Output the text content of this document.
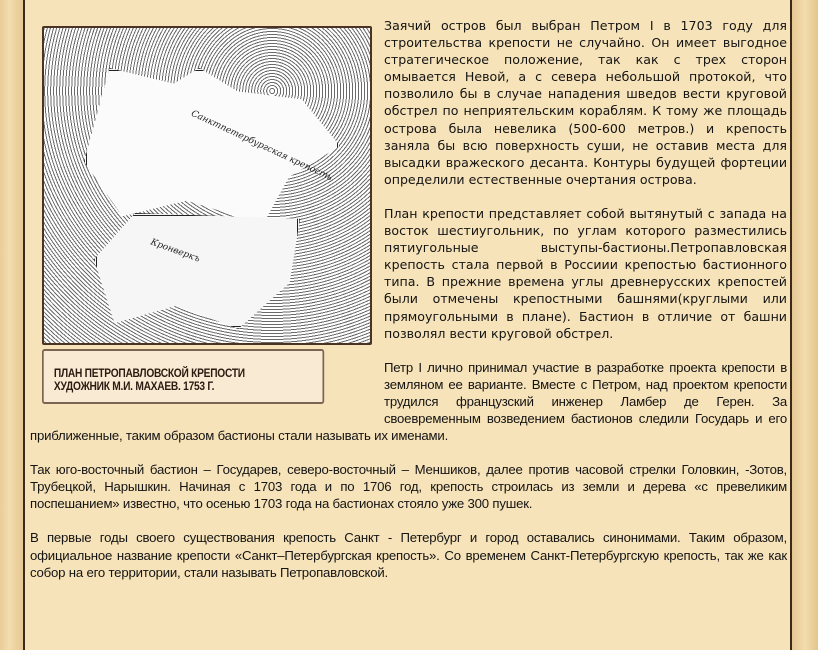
Санктпетербургская крепость
Кронверкъ
ПЛАН ПЕТРОПАВЛОВСКОЙ КРЕПОСТИ
ХУДОЖНИК М.И. МАХАЕВ. 1753 Г.

Заячий остров был выбран Петром I в 1703 году для строительства крепости не случайно. Он имеет выгодное стратегическое положение, так как с трех сторон омывается Невой, а с севера небольшой протокой, что позволило бы в случае нападения шведов вести круговой обстрел по неприятельским кораблям. К тому же площадь острова была невелика (500-600 метров.) и крепость заняла бы всю поверхность суши, не оставив места для высадки вражеского десанта. Контуры будущей фортеции определили естественные очертания острова.

План крепости представляет собой вытянутый с запада на восток шестиугольник, по углам которого разместились пятиугольные выступы-бастионы.Петропавловская крепость стала первой в Россиии крепостью бастионного типа. В прежние времена углы древнерусских крепостей были отмечены крепостными башнями(круглыми или прямоугольными в плане). Бастион в отличие от башни позволял вести круговой обстрел.

Петр I лично принимал участие в разработке проекта крепости в земляном ее варианте. Вместе с Петром, над проектом крепости трудился французский инженер Ламбер де Герен. За своевременным возведением бастионов следили Государь и его приближенные, таким образом бастионы стали называть их именами.

Так юго-восточный бастион – Государев, северо-восточный – Меншиков, далее против часовой стрелки Головкин, -Зотов, Трубецкой, Нарышкин. Начиная с 1703 года и по 1706 год, крепость строилась из земли и дерева «с превеликим поспешанием» известно, что осенью 1703 года на бастионах стояло уже 300 пушек.

В первые годы своего существования крепость Санкт - Петербург и город оставались синонимами. Таким образом, официальное название крепости «Санкт–Петербургская крепость». Со временем Санкт-Петербургскую крепость, так же как собор на его территории, стали называть Петропавловской.
